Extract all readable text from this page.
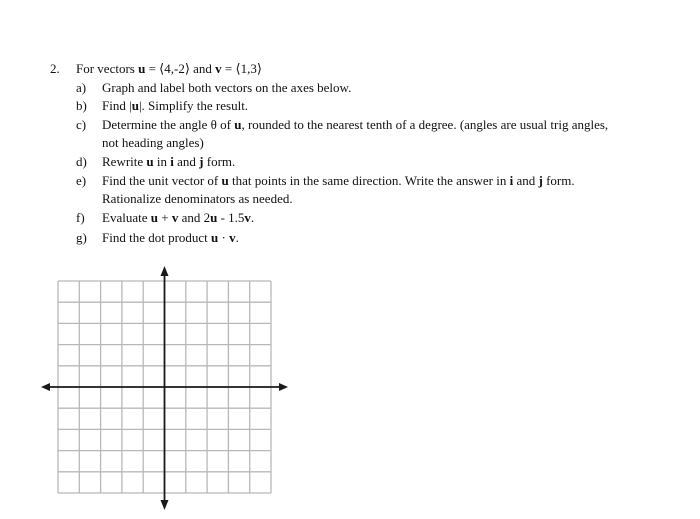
2. For vectors u = ⟨4,-2⟩ and v = ⟨1,3⟩
a) Graph and label both vectors on the axes below.
b) Find |u|. Simplify the result.
c) Determine the angle θ of u, rounded to the nearest tenth of a degree. (angles are usual trig angles,
not heading angles)
d) Rewrite u in i and j form.
e) Find the unit vector of u that points in the same direction. Write the answer in i and j form.
Rationalize denominators as needed.
f) Evaluate u + v and 2u - 1.5v.
g) Find the dot product u · v.
